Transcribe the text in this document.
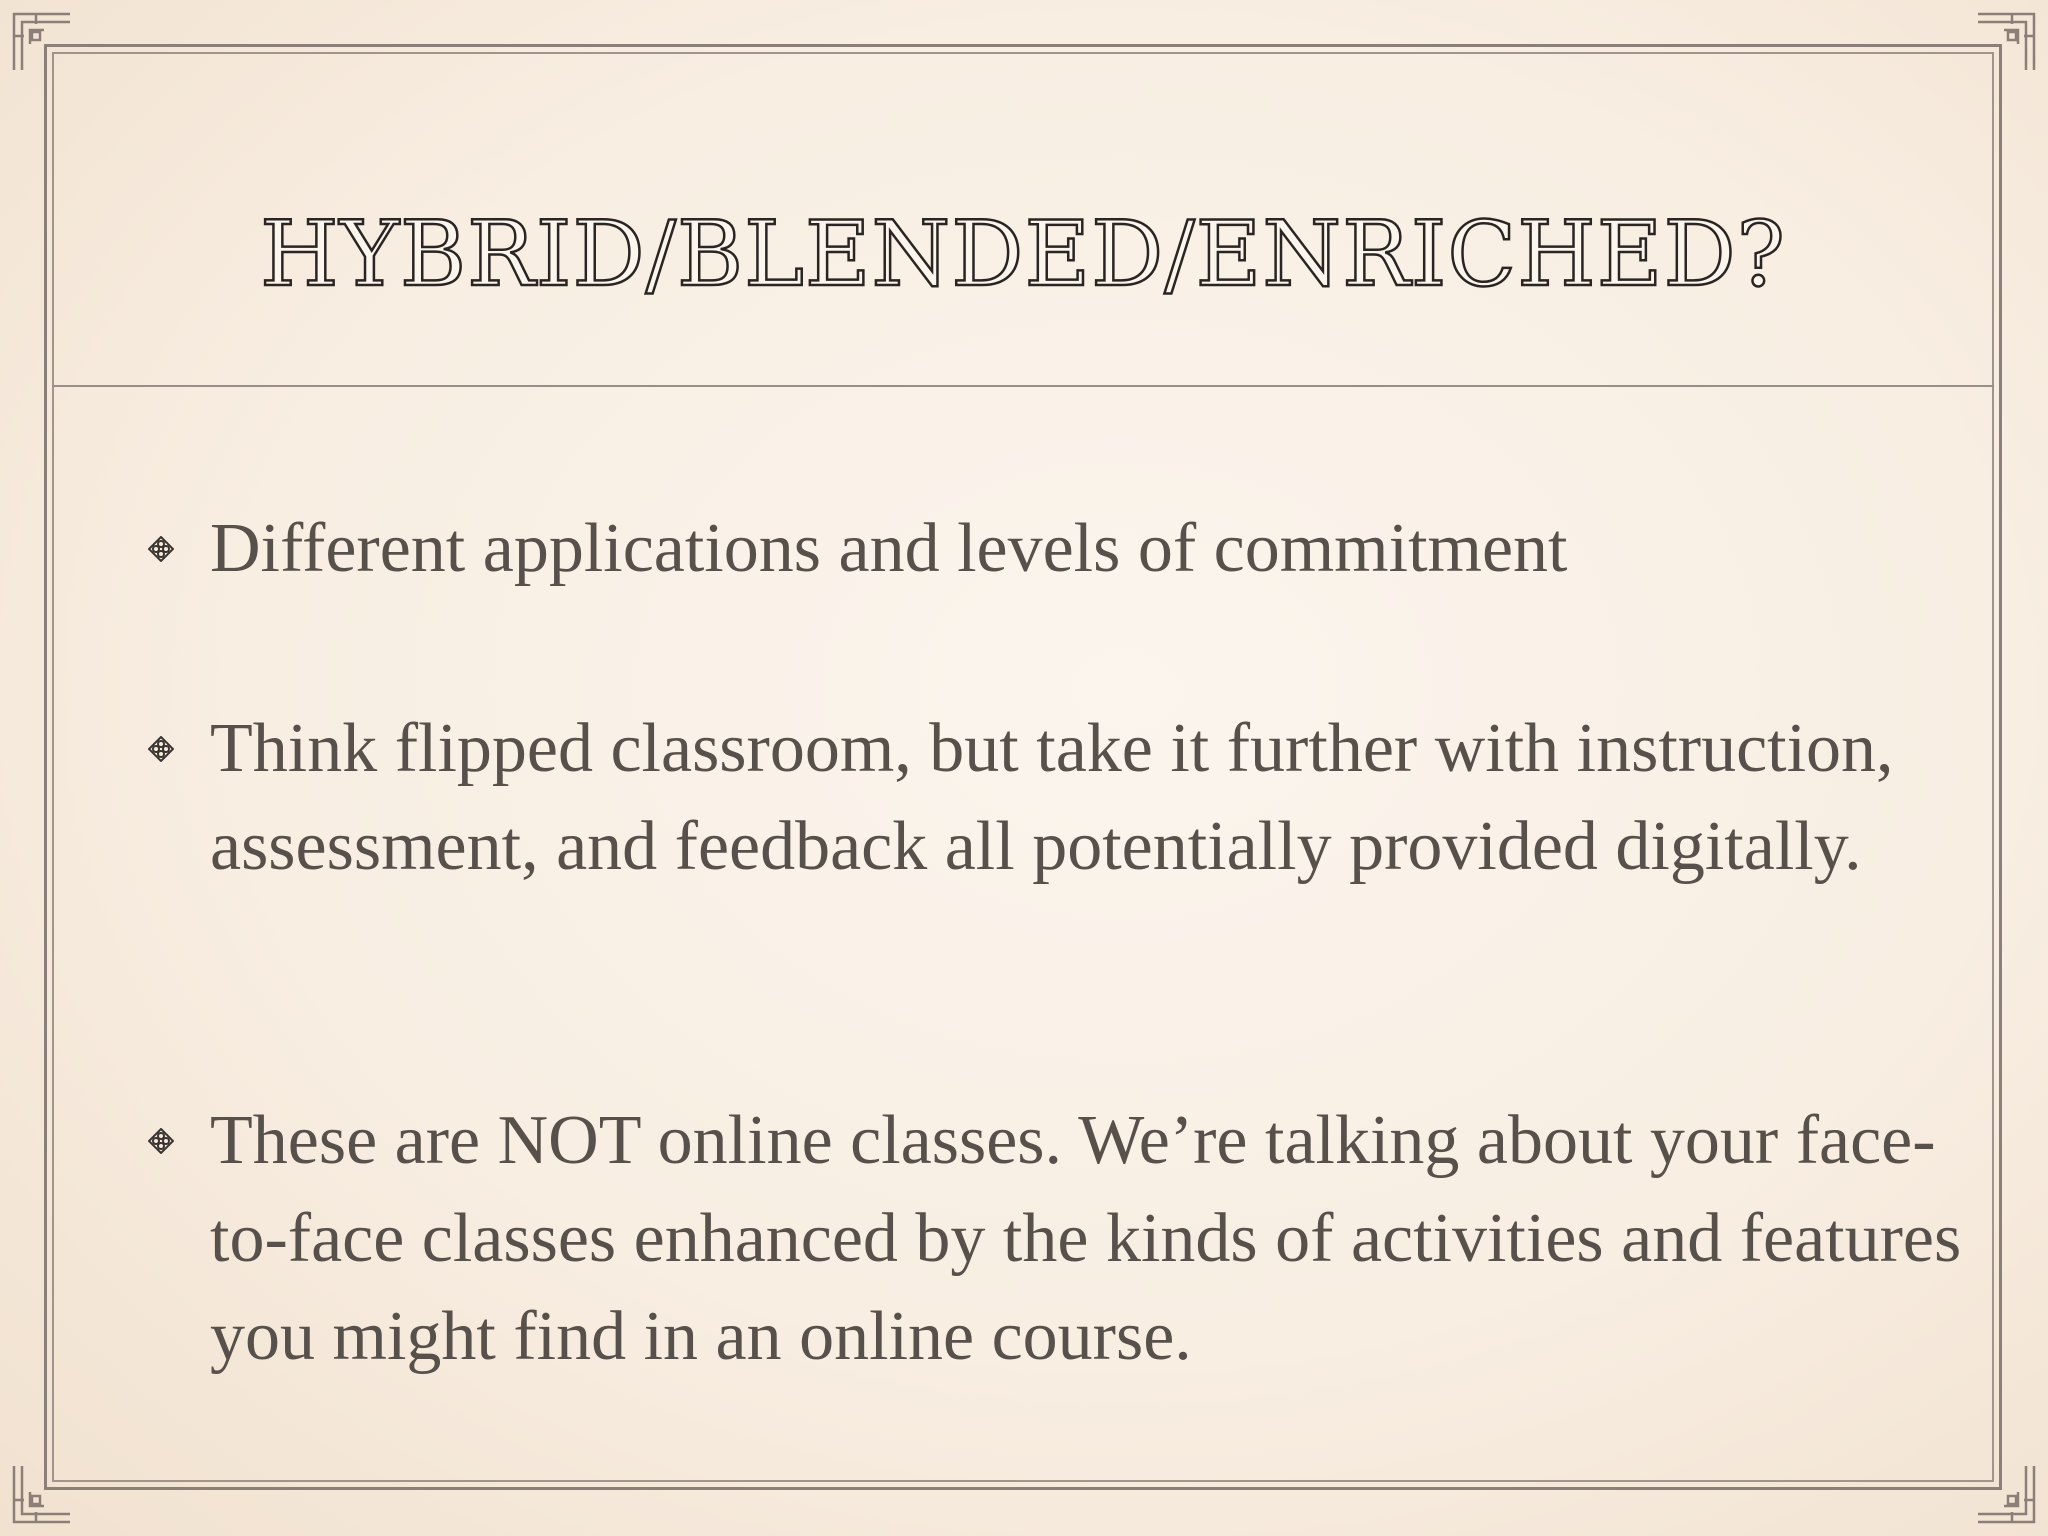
HYBRID/BLENDED/ENRICHED?
Different applications and levels of commitment
Think flipped classroom, but take it further with instruction, assessment, and feedback all potentially provided digitally.
These are NOT online classes. We’re talking about your face-to-face classes enhanced by the kinds of activities and features you might find in an online course.
